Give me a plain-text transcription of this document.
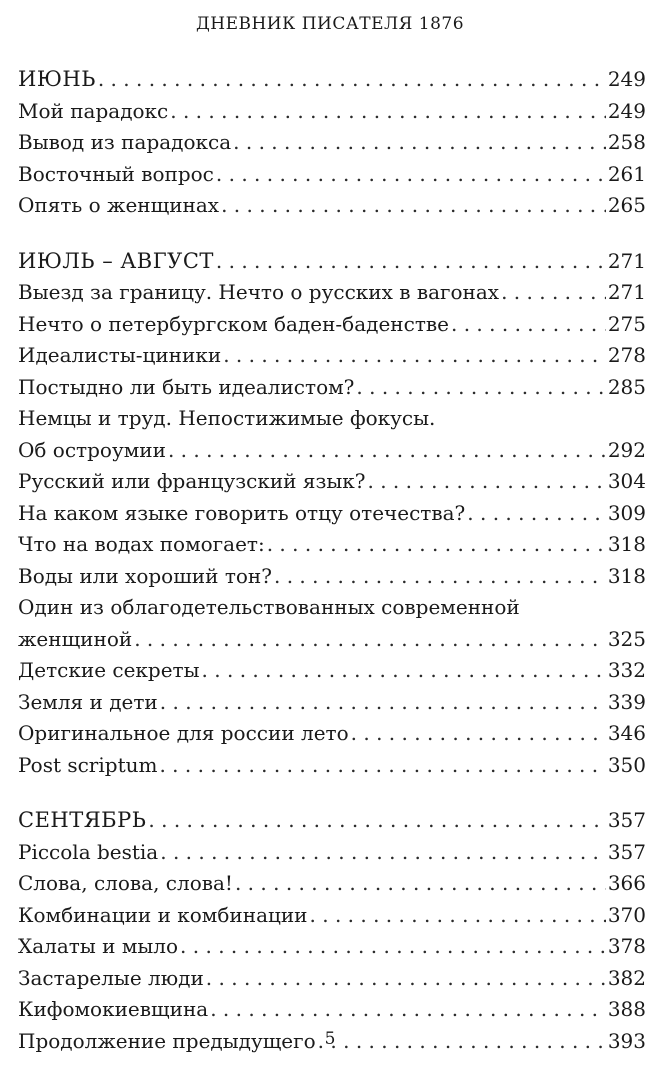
ДНЕВНИК ПИСАТЕЛЯ 1876
ИЮНЬ . . .	249
Мой парадокс . . .	249
Вывод из парадокса . . .	258
Восточный вопрос . . .	261
Опять о женщинах . . .	265
ИЮЛЬ – АВГУСТ . . .	271
Выезд за границу. Нечто о русских в вагонах . . .	271
Нечто о петербургском баден-баденстве . . .	275
Идеалисты-циники . . .	278
Постыдно ли быть идеалистом? . . .	285
Немцы и труд. Непостижимые фокусы.
Об остроумии . . .	292
Русский или французский язык? . . .	304
На каком языке говорить отцу отечества? . . .	309
Что на водах помогает: . . .	318
Воды или хороший тон? . . .	318
Один из облагодетельствованных современной
женщиной . . .	325
Детские секреты . . .	332
Земля и дети . . .	339
Оригинальное для россии лето . . .	346
Post scriptum . . .	350
СЕНТЯБРЬ . . .	357
Piccola bestia . . .	357
Слова, слова, слова! . . .	366
Комбинации и комбинации . . .	370
Халаты и мыло . . .	378
Застарелые люди . . .	382
Кифомокиевщина . . .	388
Продолжение предыдущего . . .	393
5
